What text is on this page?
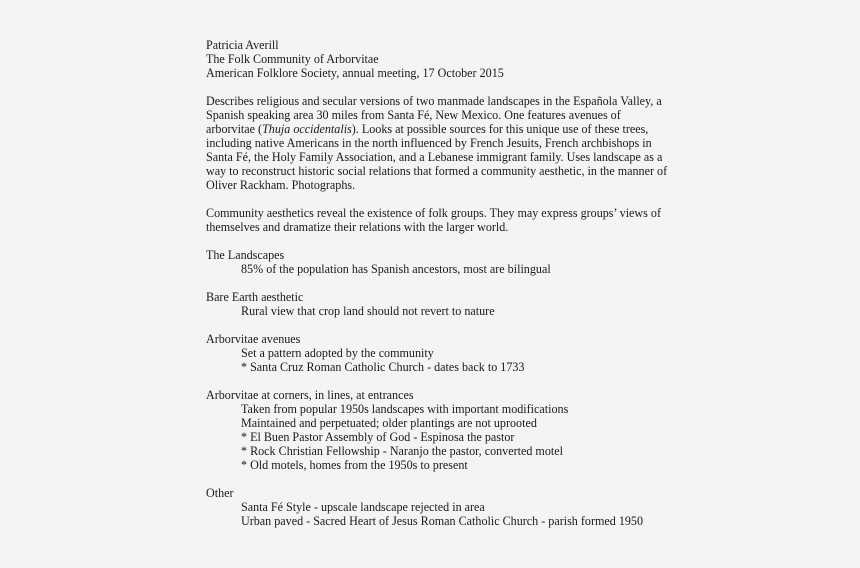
Patricia Averill
The Folk Community of Arborvitae
American Folklore Society, annual meeting, 17 October 2015
Describes religious and secular versions of two manmade landscapes in the Española Valley, a
Spanish speaking area 30 miles from Santa Fé, New Mexico. One features avenues of
arborvitae (Thuja occidentalis). Looks at possible sources for this unique use of these trees,
including native Americans in the north influenced by French Jesuits, French archbishops in
Santa Fé, the Holy Family Association, and a Lebanese immigrant family. Uses landscape as a
way to reconstruct historic social relations that formed a community aesthetic, in the manner of
Oliver Rackham. Photographs.
Community aesthetics reveal the existence of folk groups. They may express groups’ views of
themselves and dramatize their relations with the larger world.
The Landscapes
85% of the population has Spanish ancestors, most are bilingual
Bare Earth aesthetic
Rural view that crop land should not revert to nature
Arborvitae avenues
Set a pattern adopted by the community
* Santa Cruz Roman Catholic Church - dates back to 1733
Arborvitae at corners, in lines, at entrances
Taken from popular 1950s landscapes with important modifications
Maintained and perpetuated; older plantings are not uprooted
* El Buen Pastor Assembly of God - Espinosa the pastor
* Rock Christian Fellowship - Naranjo the pastor, converted motel
* Old motels, homes from the 1950s to present
Other
Santa Fé Style - upscale landscape rejected in area
Urban paved - Sacred Heart of Jesus Roman Catholic Church - parish formed 1950
